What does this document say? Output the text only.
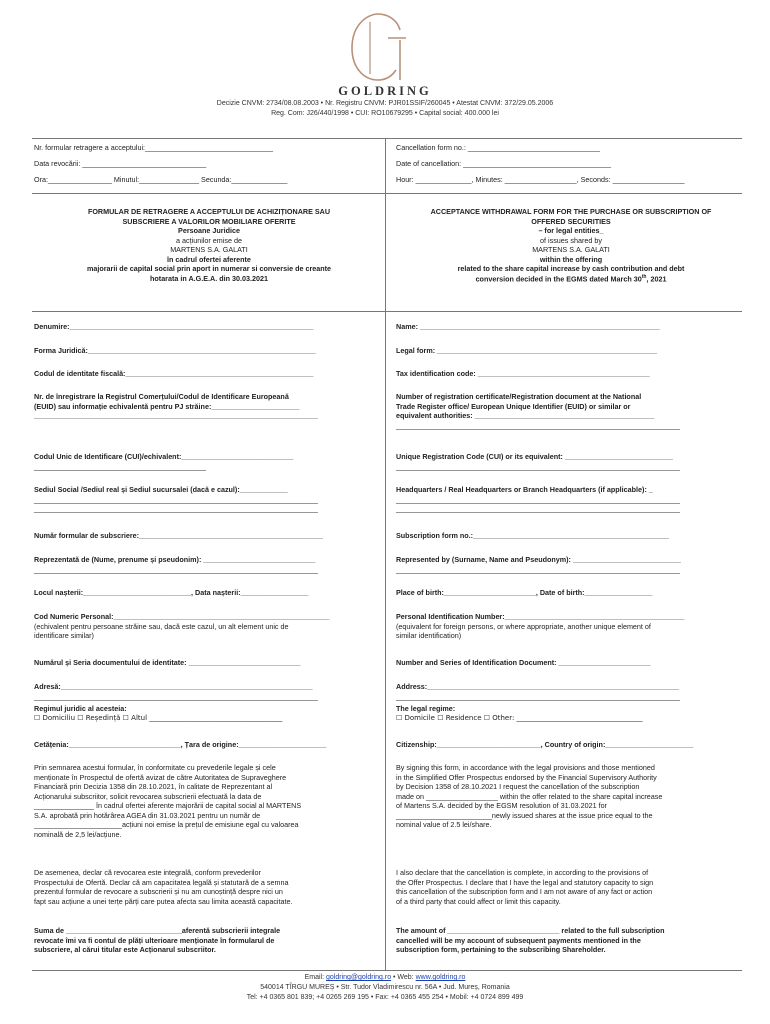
GOLDRING
Decizie CNVM: 2734/08.08.2003 • Nr. Registru CNVM: PJR01SSIF/260045 • Atestat CNVM: 372/29.05.2006
Reg. Com: J26/440/1998 • CUI: RO10679295 • Capital social: 400.000 lei
Nr. formular retragere a acceptului:________________________________
Data revocării: _______________________________
Ora:________________ Minutul:_______________ Secunda:______________
FORMULAR DE RETRAGERE A ACCEPTULUI DE ACHIZIȚIONARE SAU
SUBSCRIERE A VALORILOR MOBILIARE OFERITE
Persoane Juridice
a acțiunilor emise de
MARTENS S.A. GALATI
în cadrul ofertei aferente
majorarii de capital social prin aport in numerar si conversie de creante
hotarata in A.G.E.A. din 30.03.2021
Denumire:_____________________________________________________________
Forma Juridică:_________________________________________________________
Codul de identitate fiscală:_______________________________________________
Nr. de înregistrare la Registrul Comerțului/Codul de Identificare Europeană
(EUID) sau informație echivalentă pentru PJ străine:______________________
_______________________________________________________________________
Codul Unic de Identificare (CUI)/echivalent:____________________________
___________________________________________
Sediul Social /Sediul real și Sediul sucursalei (dacă e cazul):____________
_______________________________________________________________________
_______________________________________________________________________
Număr formular de subscriere:______________________________________________
Reprezentată de (Nume, prenume și pseudonim): ____________________________
_______________________________________________________________________
Locul nașterii:___________________________, Data nașterii:_________________
Cod Numeric Personal:______________________________________________________
(echivalent pentru persoane străine sau, dacă este cazul, un alt element unic de
identificare similar)
Numărul și Seria documentului de identitate: ____________________________
Adresă:_______________________________________________________________
_______________________________________________________________________
Regimul juridic al acesteia:
☐ Domiciliu ☐ Reședință ☐ Altul ______________________________________
Cetățenia:____________________________, Țara de origine:______________________
Prin semnarea acestui formular, în conformitate cu prevederile legale și cele
menționate în Prospectul de ofertă avizat de către Autoritatea de Supraveghere
Financiară prin Decizia 1358 din 28.10.2021, în calitate de Reprezentant al
Acționarului subscriitor, solicit revocarea subscrierii efectuată la data de
_______________ în cadrul ofertei aferente majorării de capital social al MARTENS
S.A. aprobată prin hotărârea AGEA din 31.03.2021 pentru un număr de
______________________acțiuni noi emise la prețul de emisiune egal cu valoarea
nominală de 2,5 lei/acțiune.
De asemenea, declar că revocarea este integrală, conform prevederilor
Prospectului de Ofertă. Declar că am capacitatea legală și statutară de a semna
prezentul formular de revocare a subscrierii și nu am cunoștință despre nici un
fapt sau acțiune a unei terțe părți care putea afecta sau limita această capacitate.
Suma de _____________________________aferentă subscrierii integrale
revocate îmi va fi contul de plăți ulterioare menționate în formularul de
subscriere, al cărui titular este Acționarul subscriitor.
Cancellation form no.: _________________________________
Date of cancellation: _____________________________________
Hour: ______________, Minutes: __________________, Seconds: __________________
ACCEPTANCE WITHDRAWAL FORM FOR THE PURCHASE OR SUBSCRIPTION OF
OFFERED SECURITIES
– for legal entities_
of issues shared by
MARTENS S.A. GALATI
within the offering
related to the share capital increase by cash contribution and debt
conversion decided in the EGMS dated March 30th, 2021
Name: ____________________________________________________________
Legal form: _______________________________________________________
Tax identification code: ___________________________________________
Number of registration certificate/Registration document at the National
Trade Register office/ European Unique Identifier (EUID) or similar or
equivalent authorities: _____________________________________________
_______________________________________________________________________
Unique Registration Code (CUI) or its equivalent: ___________________________
_______________________________________________________________________
Headquarters / Real Headquarters or Branch Headquarters (if applicable): _
_______________________________________________________________________
_______________________________________________________________________
Subscription form no.:_________________________________________________
Represented by (Surname, Name and Pseudonym): ___________________________
_______________________________________________________________________
Place of birth:_______________________, Date of birth:_________________
Personal Identification Number:_____________________________________________
(equivalent for foreign persons, or where appropriate, another unique element of
similar identification)
Number and Series of Identification Document: _______________________
Address:_______________________________________________________________
_______________________________________________________________________
The legal regime:
☐ Domicile ☐ Residence ☐ Other: ____________________________________
Citizenship:__________________________, Country of origin:______________________
By signing this form, in accordance with the legal provisions and those mentioned
in the Simplified Offer Prospectus endorsed by the Financial Supervisory Authority
by Decision 1358 of 28.10.2021 I request the cancellation of the subscription
made on __________________ within the offer related to the share capital increase
of Martens S.A. decided by the EGSM resolution of 31.03.2021 for
________________________newly issued shares at the issue price equal to the
nominal value of 2.5 lei/share.
I also declare that the cancellation is complete, in according to the provisions of
the Offer Prospectus. I declare that I have the legal and statutory capacity to sign
this cancellation of the subscription form and I am not aware of any fact or action
of a third party that could affect or limit this capacity.
The amount of ____________________________ related to the full subscription
cancelled will be my account of subsequent payments mentioned in the
subscription form, pertaining to the subscribing Shareholder.
Email: goldring@goldring.ro • Web: www.goldring.ro
540014 TÎRGU MUREȘ • Str. Tudor Vladimirescu nr. 56A • Jud. Mureș, Romania
Tel: +4 0365 801 839; +4 0265 269 195 • Fax: +4 0365 455 254 • Mobil: +4 0724 899 499
